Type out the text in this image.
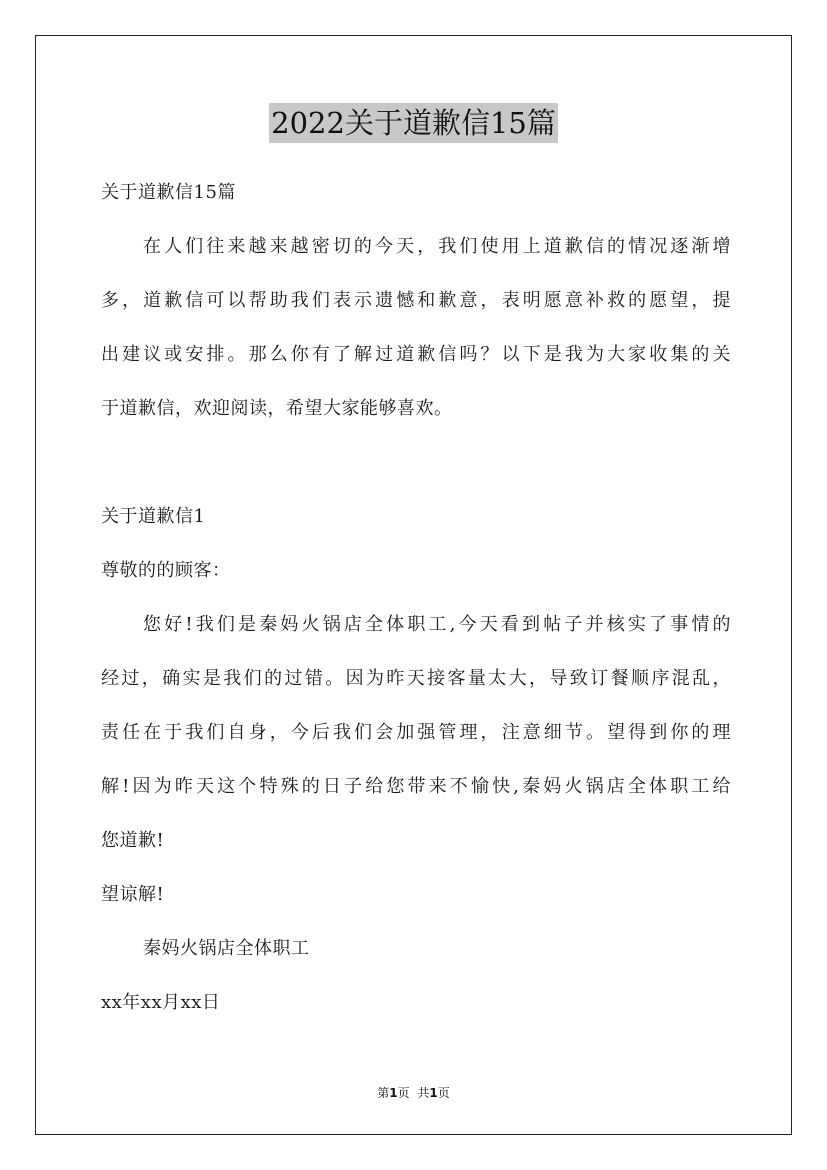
2022关于道歉信15篇
关于道歉信15篇
在人们往来越来越密切的今天，我们使用上道歉信的情况逐渐增
多，道歉信可以帮助我们表示遗憾和歉意，表明愿意补救的愿望，提
出建议或安排。那么你有了解过道歉信吗？以下是我为大家收集的关
于道歉信，欢迎阅读，希望大家能够喜欢。
关于道歉信1
尊敬的的顾客：
您好!我们是秦妈火锅店全体职工,今天看到帖子并核实了事情的
经过，确实是我们的过错。因为昨天接客量太大，导致订餐顺序混乱，
责任在于我们自身，今后我们会加强管理，注意细节。望得到你的理
解!因为昨天这个特殊的日子给您带来不愉快,秦妈火锅店全体职工给
您道歉!
望谅解!
秦妈火锅店全体职工
xx年xx月xx日
第1页 共1页
